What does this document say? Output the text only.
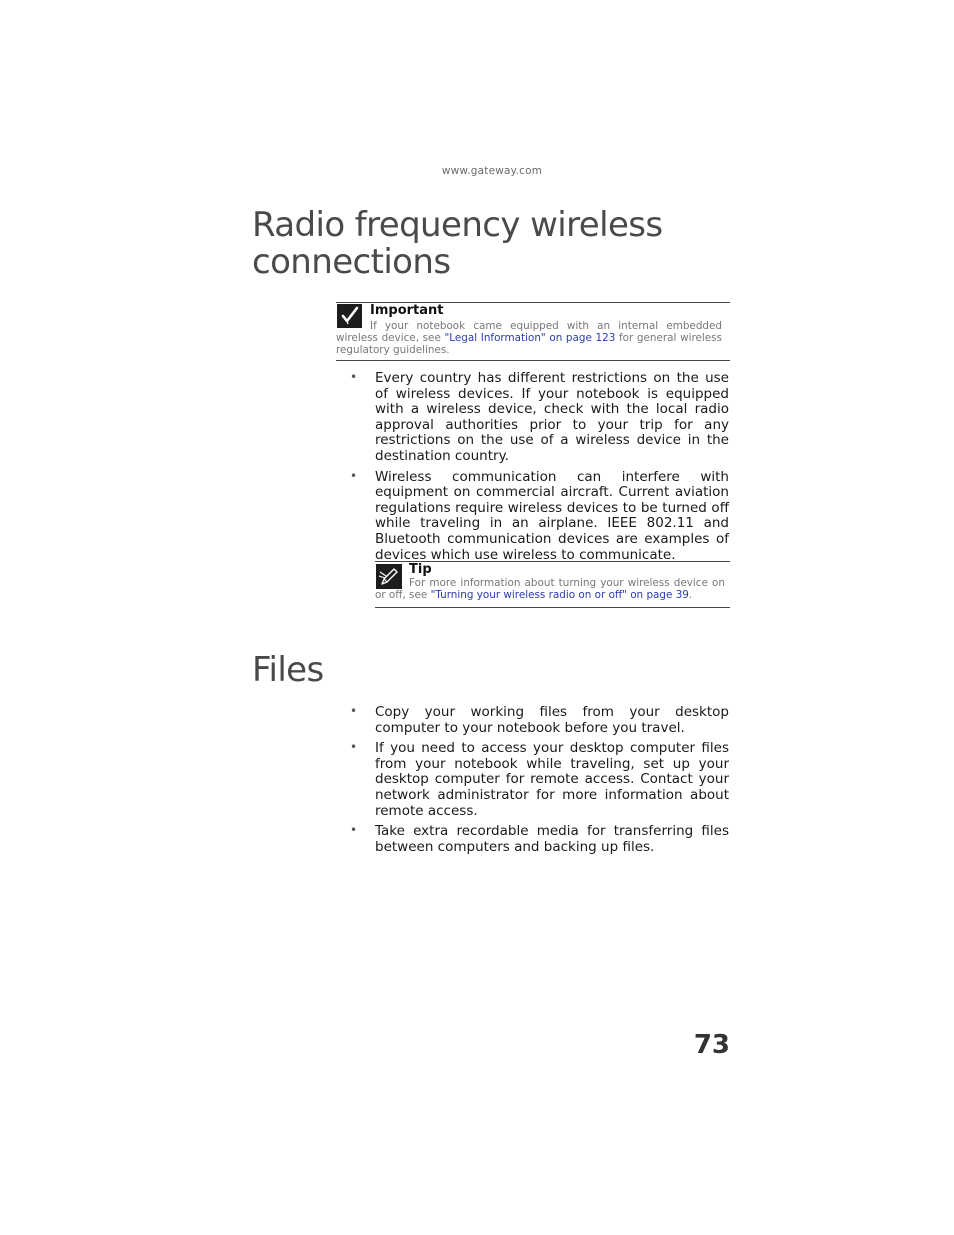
www.gateway.com
Radio frequency wireless connections
Important

If your notebook came equipped with an internal embedded wireless device, see "Legal Information" on page 123 for general wireless regulatory guidelines.

• Every country has different restrictions on the use of wireless devices. If your notebook is equipped with a wireless device, check with the local radio approval authorities prior to your trip for any restrictions on the use of a wireless device in the destination country.
• Wireless communication can interfere with equipment on commercial aircraft. Current aviation regulations require wireless devices to be turned off while traveling in an airplane. IEEE 802.11 and Bluetooth communication devices are examples of devices which use wireless to communicate.
Tip

For more information about turning your wireless device on or off, see "Turning your wireless radio on or off" on page 39.

Files
• Copy your working files from your desktop computer to your notebook before you travel.
• If you need to access your desktop computer files from your notebook while traveling, set up your desktop computer for remote access. Contact your network administrator for more information about remote access.
• Take extra recordable media for transferring files between computers and backing up files.
73
